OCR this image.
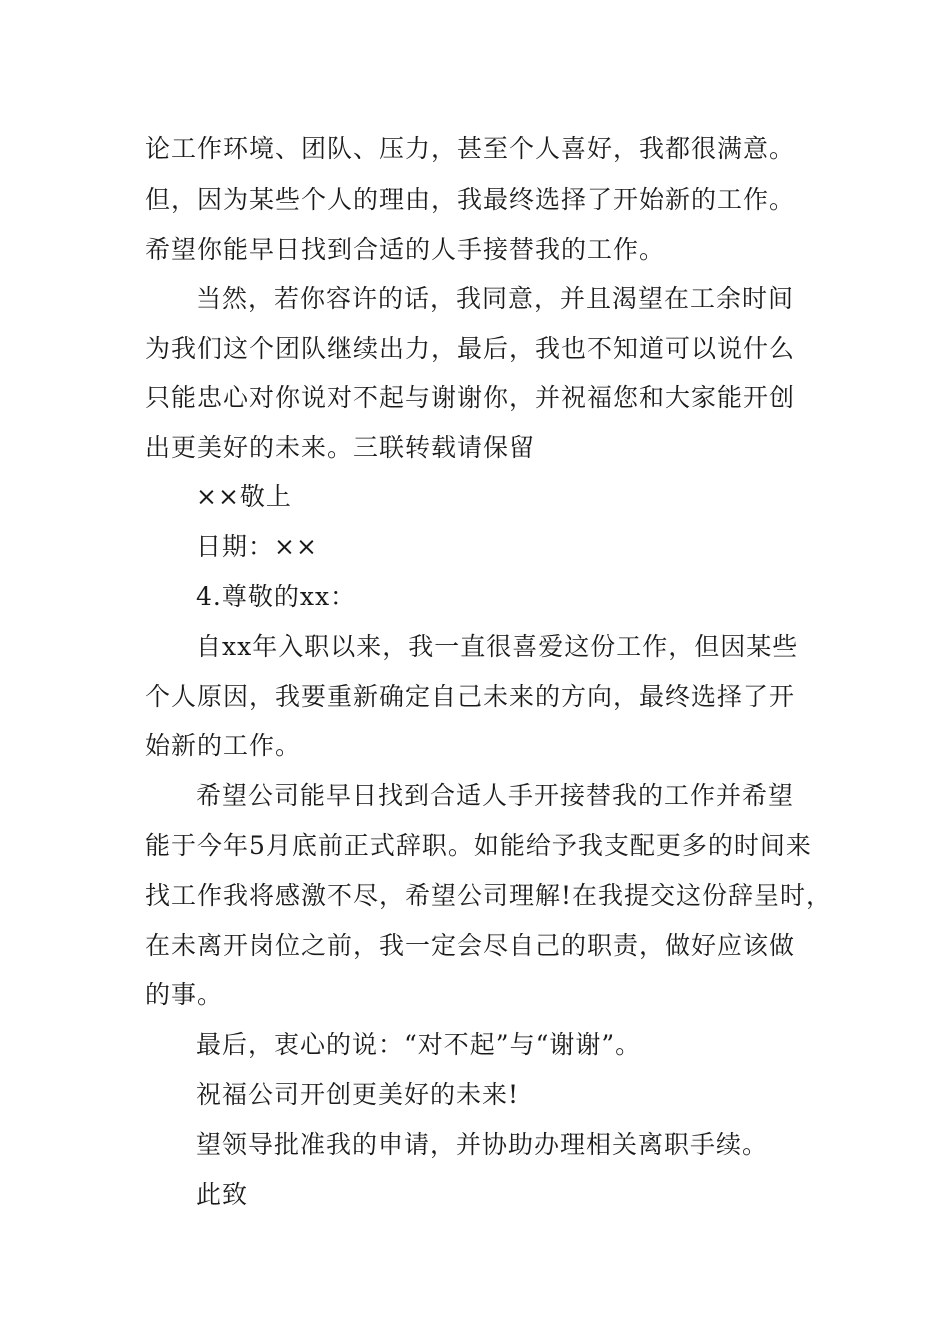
论工作环境、团队、压力，甚至个人喜好，我都很满意。
但，因为某些个人的理由，我最终选择了开始新的工作。
希望你能早日找到合适的人手接替我的工作。
当然，若你容许的话，我同意，并且渴望在工余时间
为我们这个团队继续出力，最后，我也不知道可以说什么
只能忠心对你说对不起与谢谢你，并祝福您和大家能开创
出更美好的未来。三联转载请保留
××敬上
日期：××
4.尊敬的xx：
自xx年入职以来，我一直很喜爱这份工作，但因某些
个人原因，我要重新确定自己未来的方向，最终选择了开
始新的工作。
希望公司能早日找到合适人手开接替我的工作并希望
能于今年5月底前正式辞职。如能给予我支配更多的时间来
找工作我将感激不尽，希望公司理解!在我提交这份辞呈时，
在未离开岗位之前，我一定会尽自己的职责，做好应该做
的事。
最后，衷心的说：“对不起”与“谢谢”。
祝福公司开创更美好的未来!
望领导批准我的申请，并协助办理相关离职手续。
此致
